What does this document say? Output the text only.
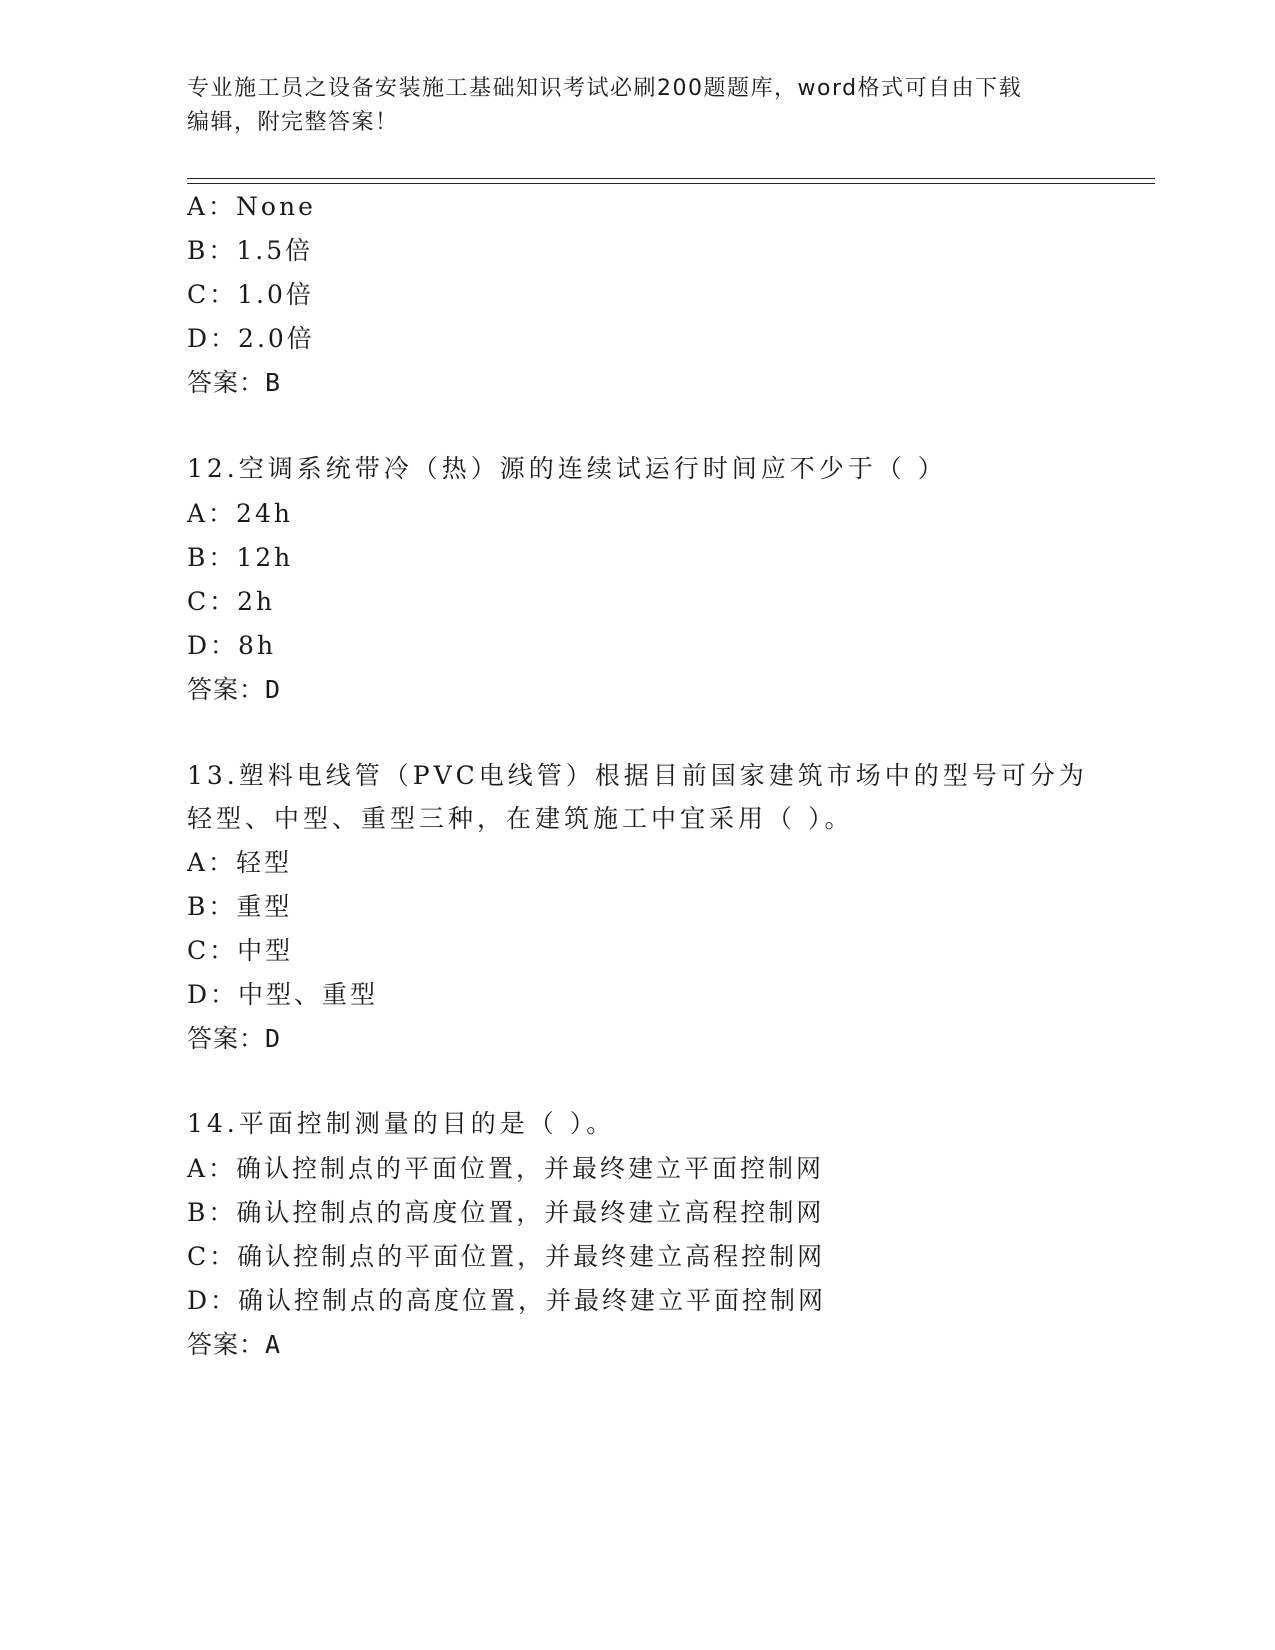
专业施工员之设备安装施工基础知识考试必刷200题题库，word格式可自由下载
编辑，附完整答案！
A：None
B：1.5倍
C：1.0倍
D：2.0倍
答案：B
12.空调系统带冷（热）源的连续试运行时间应不少于（ ）
A：24h
B：12h
C：2h
D：8h
答案：D
13.塑料电线管（PVC电线管）根据目前国家建筑市场中的型号可分为
轻型、中型、重型三种，在建筑施工中宜采用（ ）。
A：轻型
B：重型
C：中型
D：中型、重型
答案：D
14.平面控制测量的目的是（ ）。
A：确认控制点的平面位置，并最终建立平面控制网
B：确认控制点的高度位置，并最终建立高程控制网
C：确认控制点的平面位置，并最终建立高程控制网
D：确认控制点的高度位置，并最终建立平面控制网
答案：A
